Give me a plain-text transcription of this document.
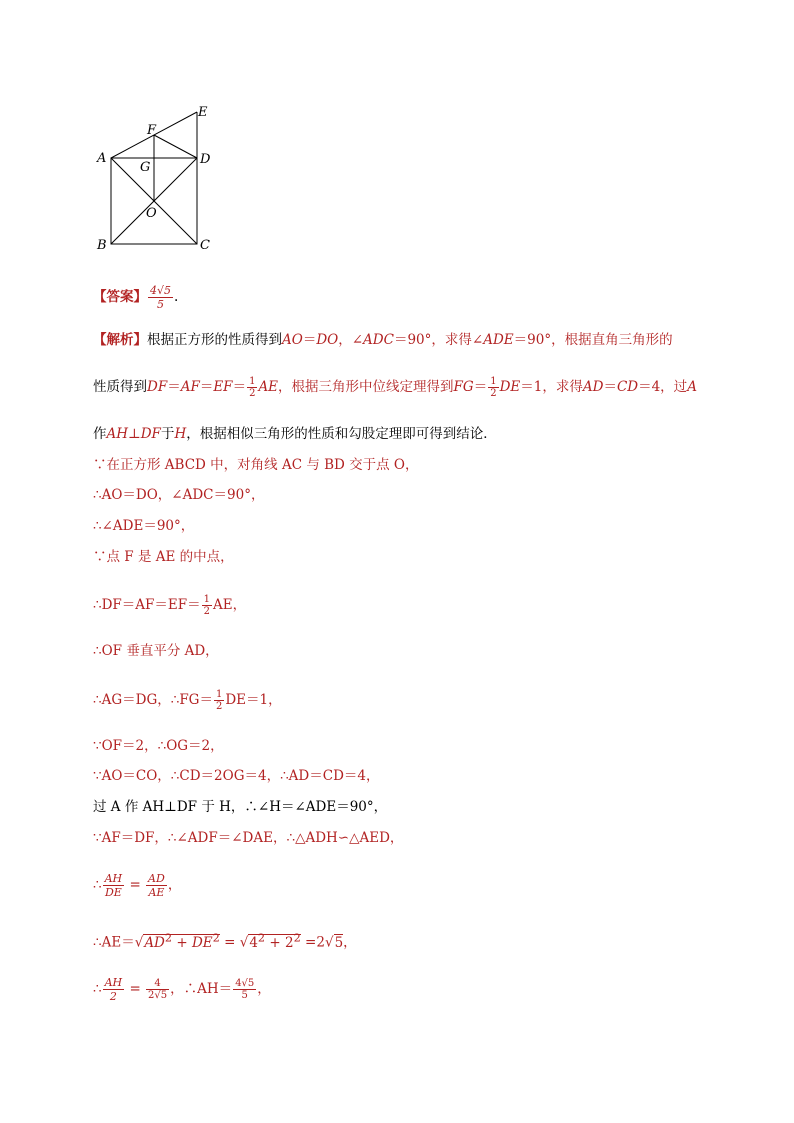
E
F
A	D
G
O
B	C
【答案】 $\frac{4√5}{5}$ .
【解析】根据正方形的性质得到AO＝DO，∠ADC＝90°，求得∠ADE＝90°，根据直角三角形的
性质得到$DF=AF=EF= \frac{1}{2}$ AE，根据三角形中位线定理得到$FG= \frac{1}{2} DE=1$，求得AD＝CD＝4，过A
作AH⊥DF于H，根据相似三角形的性质和勾股定理即可得到结论．
∵在正方形 ABCD 中，对角线 AC 与 BD 交于点 O，
∴AO＝DO，∠ADC＝90°，
∴∠ADE＝90°，
∵点 F 是 AE 的中点，
∴DF＝AF＝EF＝ $\frac{1}{2}$ AE，
∴OF 垂直平分 AD，
∴AG＝DG，∴FG＝ $\frac{1}{2} DE=1$，
∵OF＝2，∴OG＝2，
∵AO＝CO，∴CD＝2OG＝4，∴AD＝CD＝4，
过 A 作 AH⊥DF 于 H，∴∠H＝∠ADE＝90°，
∵AF＝DF，∴∠ADF＝∠DAE，∴△ADH∽△AED，
∴ $\frac{AH}{DE} = \frac{AD}{AE}$ ，
$\therefore AE=√AD^2 + DE^2 = √4^2 + 2^2 =2√5$，
∴ $\frac{AH}{2} = \frac{4}{2√5}$ ，∴AH＝ $\frac{4√5}{5}$ ，
